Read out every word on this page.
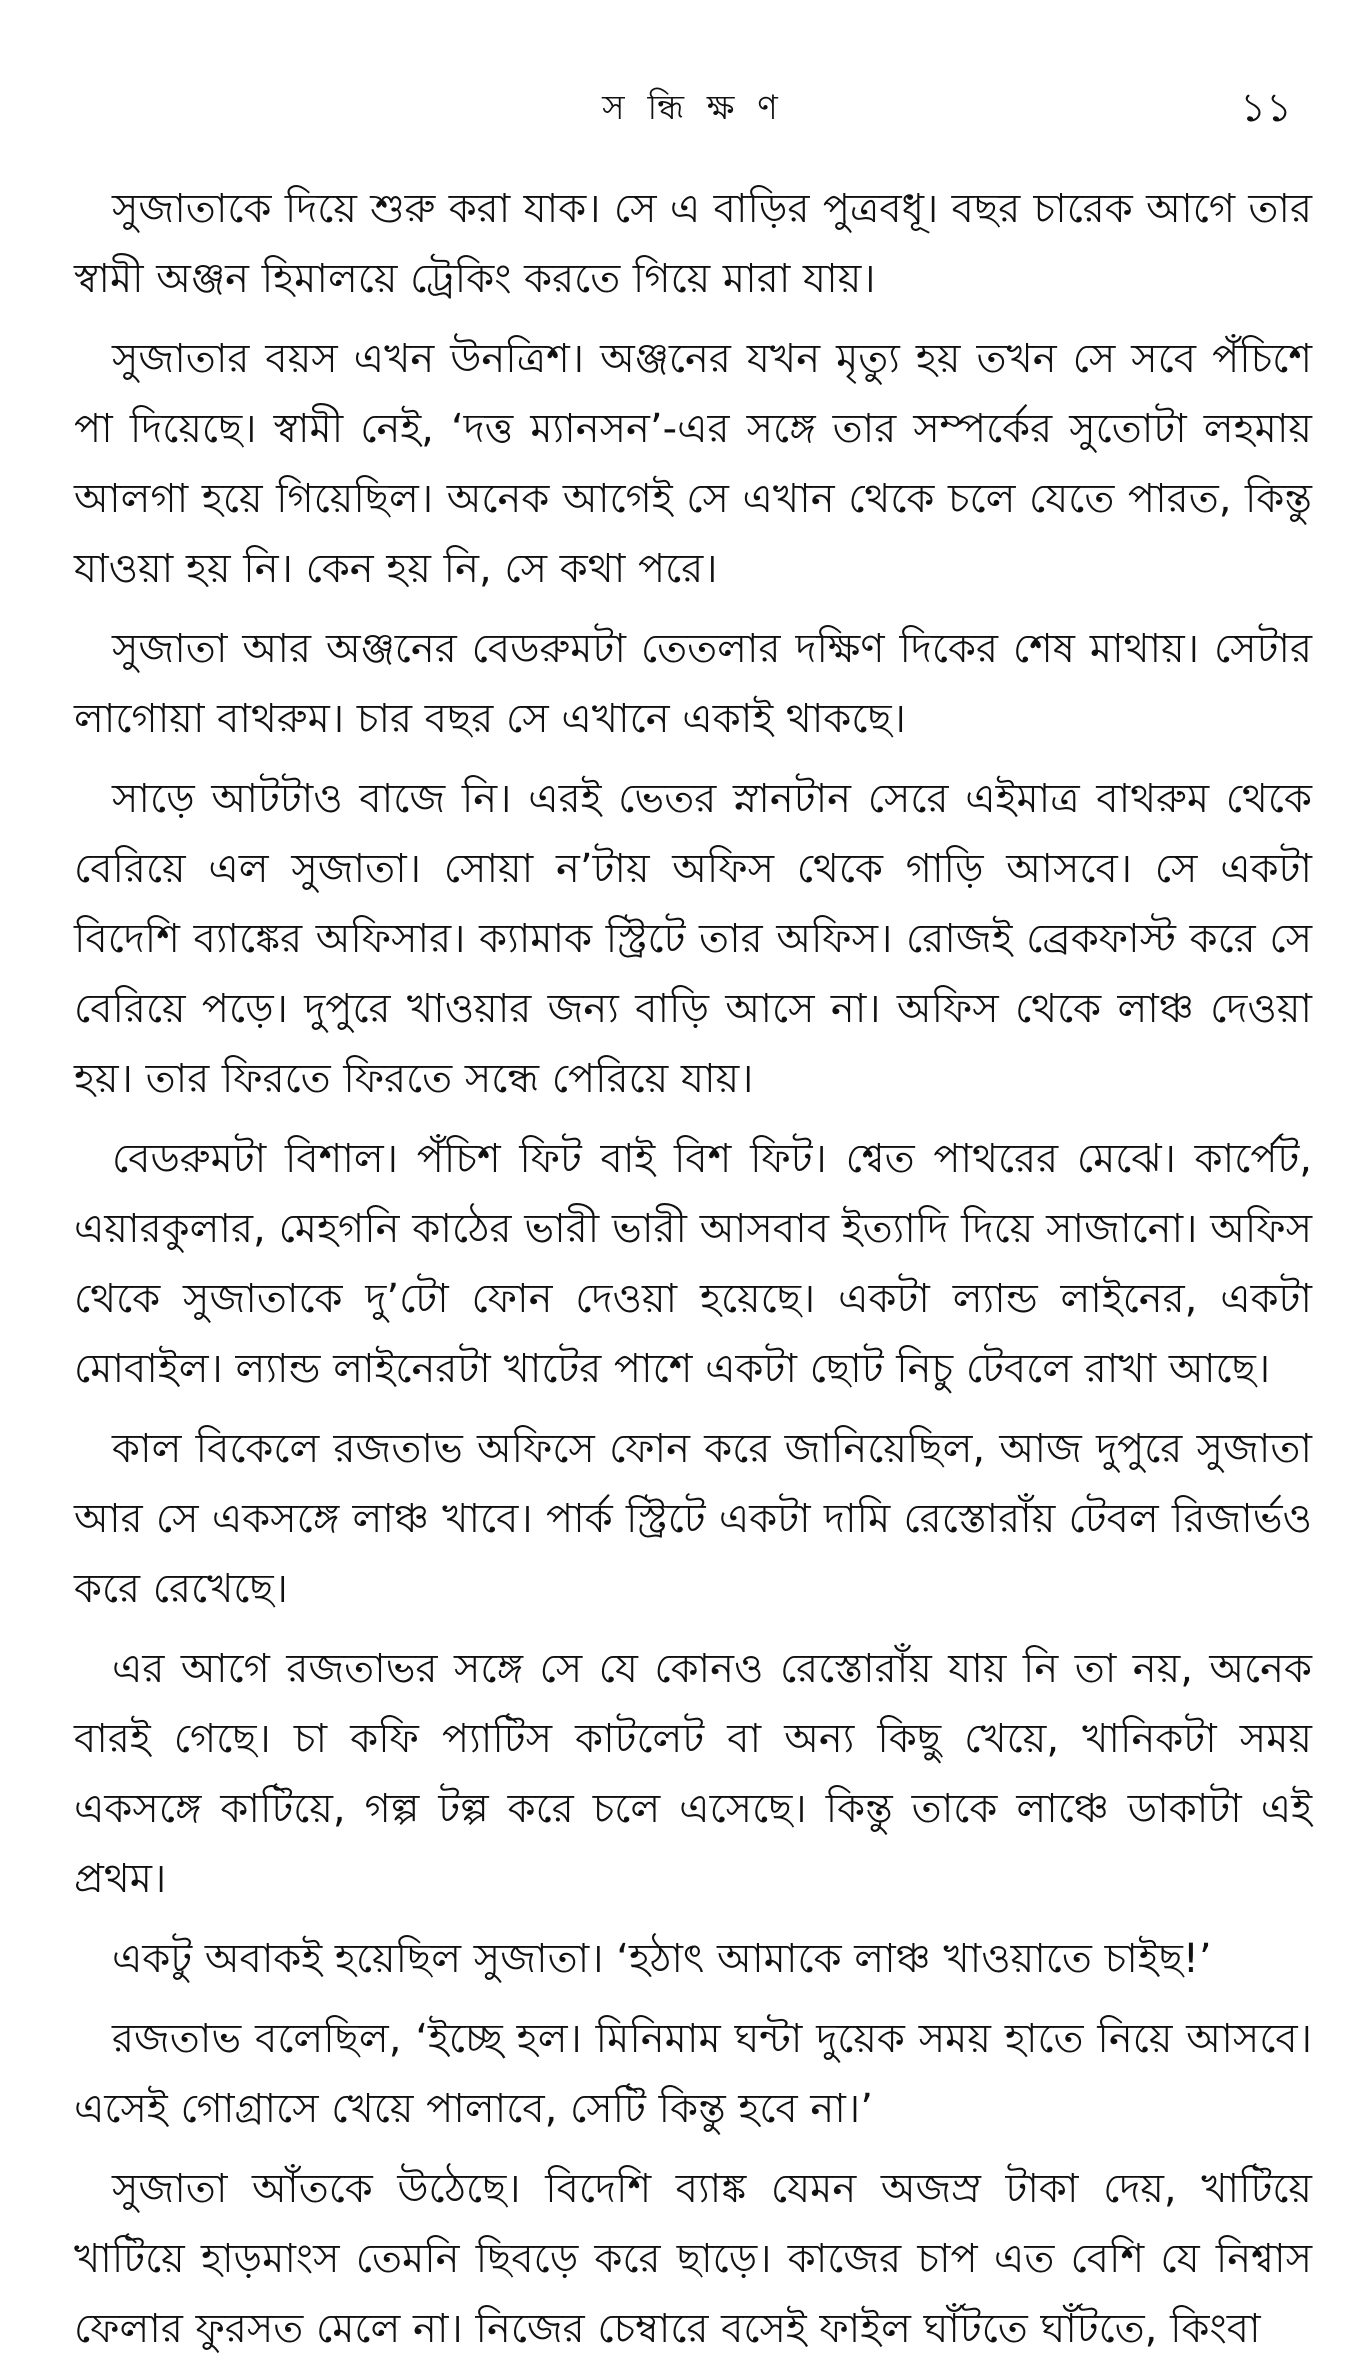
স ন্ধি ক্ষ ণ	১১

সুজাতাকে দিয়ে শুরু করা যাক। সে এ বাড়ির পুত্রবধূ। বছর চারেক আগে তার স্বামী অঞ্জন হিমালয়ে ট্রেকিং করতে গিয়ে মারা যায়।

সুজাতার বয়স এখন উনত্রিশ। অঞ্জনের যখন মৃত্যু হয় তখন সে সবে পঁচিশে পা দিয়েছে। স্বামী নেই, ‘দত্ত ম্যানসন’-এর সঙ্গে তার সম্পর্কের সুতোটা লহমায় আলগা হয়ে গিয়েছিল। অনেক আগেই সে এখান থেকে চলে যেতে পারত, কিন্তু যাওয়া হয় নি। কেন হয় নি, সে কথা পরে।

সুজাতা আর অঞ্জনের বেডরুমটা তেতলার দক্ষিণ দিকের শেষ মাথায়। সেটার লাগোয়া বাথরুম। চার বছর সে এখানে একাই থাকছে।

সাড়ে আটটাও বাজে নি। এরই ভেতর স্নানটান সেরে এইমাত্র বাথরুম থেকে বেরিয়ে এল সুজাতা। সোয়া ন’টায় অফিস থেকে গাড়ি আসবে। সে একটা বিদেশি ব্যাঙ্কের অফিসার। ক্যামাক স্ট্রিটে তার অফিস। রোজই ব্রেকফাস্ট করে সে বেরিয়ে পড়ে। দুপুরে খাওয়ার জন্য বাড়ি আসে না। অফিস থেকে লাঞ্চ দেওয়া হয়। তার ফিরতে ফিরতে সন্ধে পেরিয়ে যায়।

বেডরুমটা বিশাল। পঁচিশ ফিট বাই বিশ ফিট। শ্বেত পাথরের মেঝে। কার্পেট, এয়ারকুলার, মেহগনি কাঠের ভারী ভারী আসবাব ইত্যাদি দিয়ে সাজানো। অফিস থেকে সুজাতাকে দু’টো ফোন দেওয়া হয়েছে। একটা ল্যান্ড লাইনের, একটা মোবাইল। ল্যান্ড লাইনেরটা খাটের পাশে একটা ছোট নিচু টেবলে রাখা আছে।

কাল বিকেলে রজতাভ অফিসে ফোন করে জানিয়েছিল, আজ দুপুরে সুজাতা আর সে একসঙ্গে লাঞ্চ খাবে। পার্ক স্ট্রিটে একটা দামি রেস্তোরাঁয় টেবল রিজার্ভও করে রেখেছে।

এর আগে রজতাভর সঙ্গে সে যে কোনও রেস্তোরাঁয় যায় নি তা নয়, অনেক বারই গেছে। চা কফি প্যাটিস কাটলেট বা অন্য কিছু খেয়ে, খানিকটা সময় একসঙ্গে কাটিয়ে, গল্প টল্প করে চলে এসেছে। কিন্তু তাকে লাঞ্চে ডাকাটা এই প্রথম।

একটু অবাকই হয়েছিল সুজাতা। ‘হঠাৎ আমাকে লাঞ্চ খাওয়াতে চাইছ!’

রজতাভ বলেছিল, ‘ইচ্ছে হল। মিনিমাম ঘন্টা দুয়েক সময় হাতে নিয়ে আসবে। এসেই গোগ্রাসে খেয়ে পালাবে, সেটি কিন্তু হবে না।’

সুজাতা আঁতকে উঠেছে। বিদেশি ব্যাঙ্ক যেমন অজস্র টাকা দেয়, খাটিয়ে খাটিয়ে হাড়মাংস তেমনি ছিবড়ে করে ছাড়ে। কাজের চাপ এত বেশি যে নিশ্বাস ফেলার ফুরসত মেলে না। নিজের চেম্বারে বসেই ফাইল ঘাঁটতে ঘাঁটতে, কিংবা
